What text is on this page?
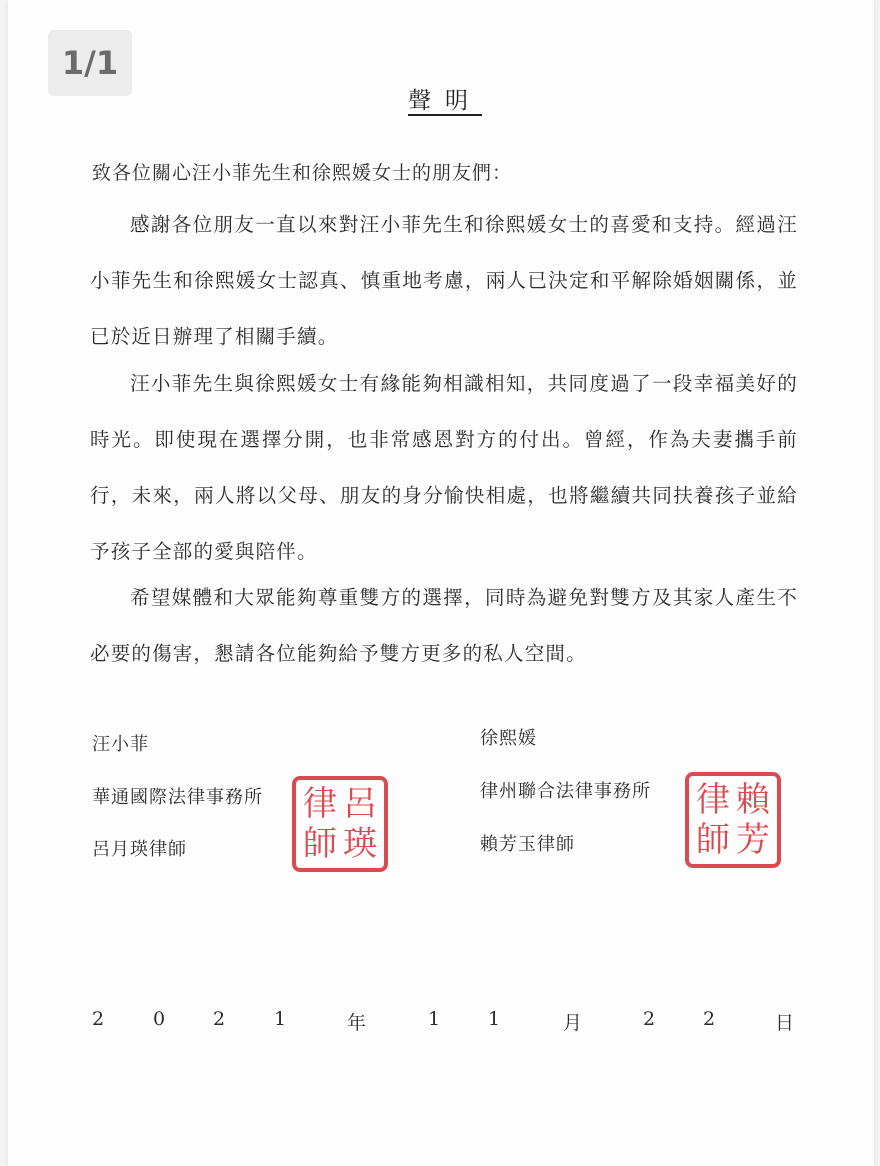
1/1
聲明
致各位關心汪小菲先生和徐熙媛女士的朋友們：

感謝各位朋友一直以來對汪小菲先生和徐熙媛女士的喜愛和支持。經過汪小菲先生和徐熙媛女士認真、慎重地考慮，兩人已決定和平解除婚姻關係，並已於近日辦理了相關手續。

汪小菲先生與徐熙媛女士有緣能夠相識相知，共同度過了一段幸福美好的時光。即使現在選擇分開，也非常感恩對方的付出。曾經，作為夫妻攜手前行，未來，兩人將以父母、朋友的身分愉快相處，也將繼續共同扶養孩子並給予孩子全部的愛與陪伴。

希望媒體和大眾能夠尊重雙方的選擇，同時為避免對雙方及其家人產生不必要的傷害，懇請各位能夠給予雙方更多的私人空間。

汪小菲
華通國際法律事務所
呂月瑛律師
律 呂
師 瑛
徐熙媛
律州聯合法律事務所
賴芳玉律師
律 賴
師 芳
2	0	2	1	年	1	1	月	2	2	日
